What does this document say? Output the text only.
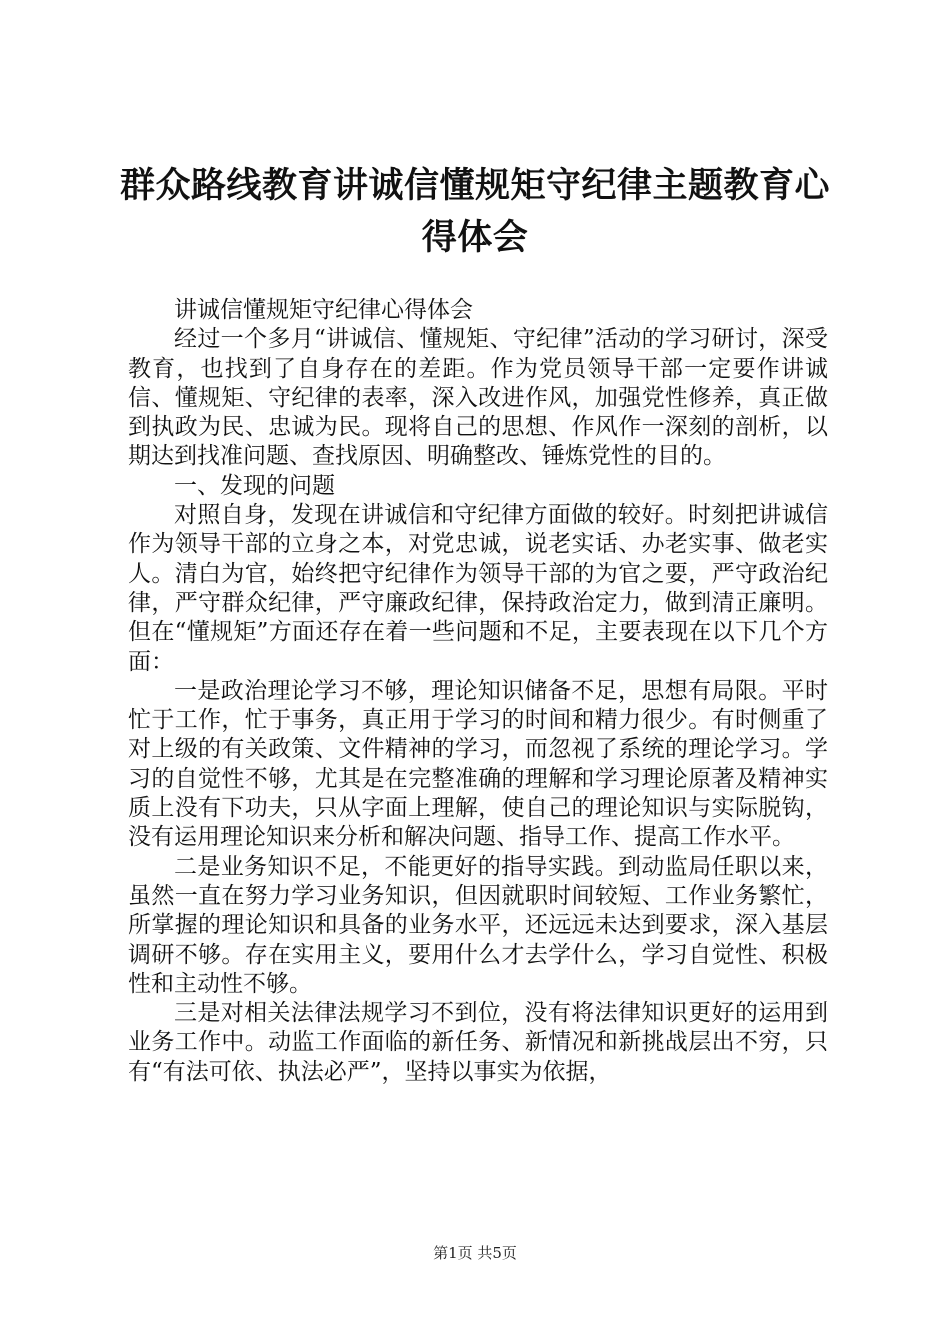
群众路线教育讲诚信懂规矩守纪律主题教育心得体会

讲诚信懂规矩守纪律心得体会

经过一个多月“讲诚信、懂规矩、守纪律”活动的学习研讨，深受教育，也找到了自身存在的差距。作为党员领导干部一定要作讲诚信、懂规矩、守纪律的表率，深入改进作风，加强党性修养，真正做到执政为民、忠诚为民。现将自己的思想、作风作一深刻的剖析，以期达到找准问题、查找原因、明确整改、锤炼党性的目的。

一、发现的问题

对照自身，发现在讲诚信和守纪律方面做的较好。时刻把讲诚信作为领导干部的立身之本，对党忠诚，说老实话、办老实事、做老实人。清白为官，始终把守纪律作为领导干部的为官之要，严守政治纪律，严守群众纪律，严守廉政纪律，保持政治定力，做到清正廉明。但在“懂规矩”方面还存在着一些问题和不足，主要表现在以下几个方面：

一是政治理论学习不够，理论知识储备不足，思想有局限。平时忙于工作，忙于事务，真正用于学习的时间和精力很少。有时侧重了对上级的有关政策、文件精神的学习，而忽视了系统的理论学习。学习的自觉性不够，尤其是在完整准确的理解和学习理论原著及精神实质上没有下功夫，只从字面上理解，使自己的理论知识与实际脱钩，没有运用理论知识来分析和解决问题、指导工作、提高工作水平。

二是业务知识不足，不能更好的指导实践。到动监局任职以来，虽然一直在努力学习业务知识，但因就职时间较短、工作业务繁忙，所掌握的理论知识和具备的业务水平，还远远未达到要求，深入基层调研不够。存在实用主义，要用什么才去学什么，学习自觉性、积极性和主动性不够。

三是对相关法律法规学习不到位，没有将法律知识更好的运用到业务工作中。动监工作面临的新任务、新情况和新挑战层出不穷，只有“有法可依、执法必严”，坚持以事实为依据，

第1页 共5页
